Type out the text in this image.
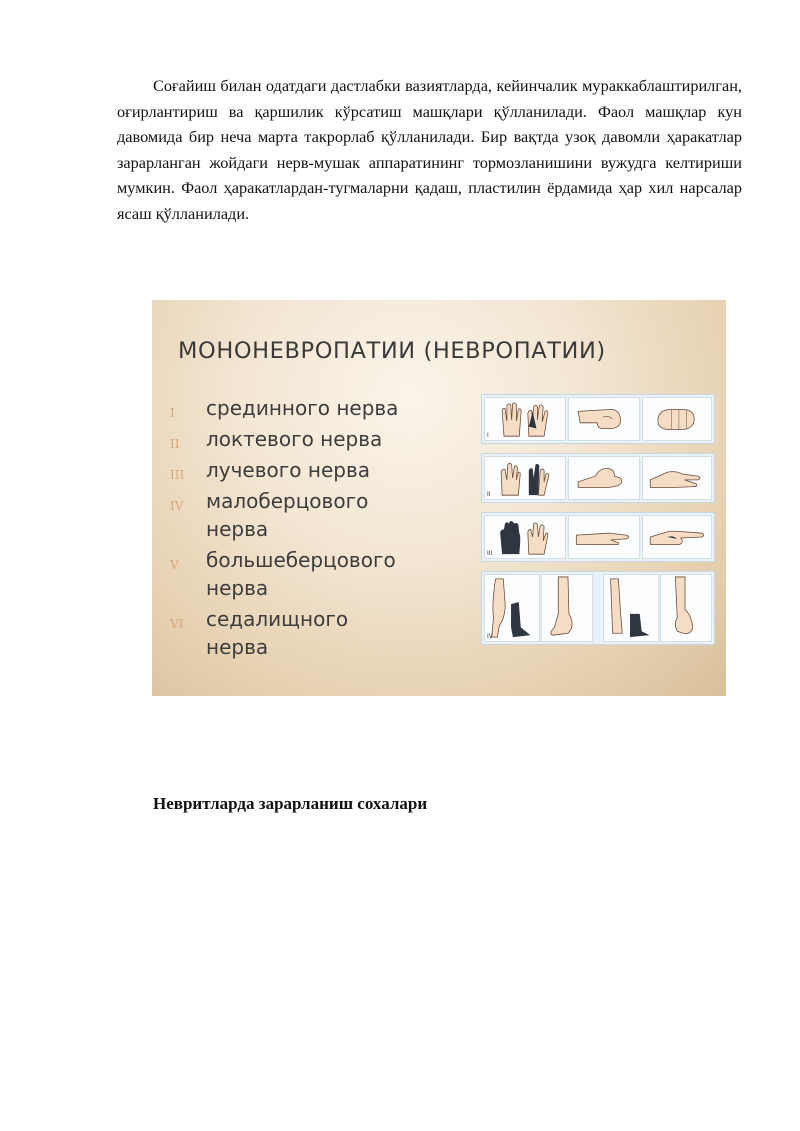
Соғайиш билан одатдаги дастлабки вазиятларда, кейинчалик мураккаблаштирилган, оғирлантириш ва қаршилик кўрсатиш машқлари қўлланилади. Фаол машқлар кун давомида бир неча марта такрорлаб қўлланилади. Бир вақтда узоқ давомли ҳаракатлар зарарланган жойдаги нерв-мушак аппаратининг тормозланишини вужудга келтириши мумкин. Фаол ҳаракатлардан-тугмаларни қадаш, пластилин ёрдамида ҳар хил нарсалар ясаш қўлланилади.

МОНОНЕВРОПАТИИ (НЕВРОПАТИИ)
I срединного нерва
II локтевого нерва
III лучевого нерва
IV малоберцового
нерва
V большеберцового
нерва
VI седалищного
нерва
I
II
III
IV
Невритларда зарарланиш сохалари
